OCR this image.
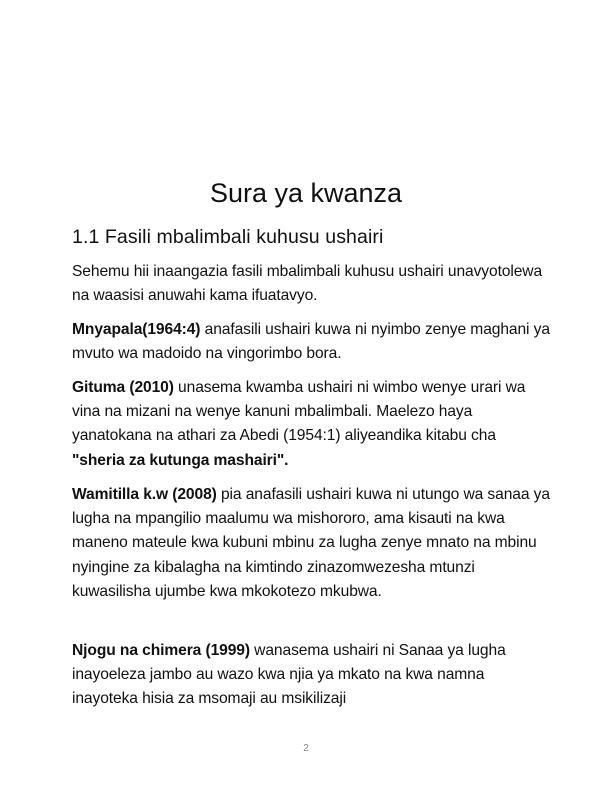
Sura ya kwanza
1.1 Fasili mbalimbali kuhusu ushairi

Sehemu hii inaangazia fasili mbalimbali kuhusu ushairi unavyotolewa na waasisi anuwahi kama ifuatavyo.

Mnyapala(1964:4) anafasili ushairi kuwa ni nyimbo zenye maghani ya mvuto wa madoido na vingorimbo bora.

Gituma (2010) unasema kwamba ushairi ni wimbo wenye urari wa vina na mizani na wenye kanuni mbalimbali. Maelezo haya yanatokana na athari za Abedi (1954:1) aliyeandika kitabu cha "sheria za kutunga mashairi".

Wamitilla k.w (2008) pia anafasili ushairi kuwa ni utungo wa sanaa ya lugha na mpangilio maalumu wa mishororo, ama kisauti na kwa maneno mateule kwa kubuni mbinu za lugha zenye mnato na mbinu nyingine za kibalagha na kimtindo zinazomwezesha mtunzi kuwasilisha ujumbe kwa mkokotezo mkubwa.

Njogu na chimera (1999) wanasema ushairi ni Sanaa ya lugha inayoeleza jambo au wazo kwa njia ya mkato na kwa namna inayoteka hisia za msomaji au msikilizaji

2
